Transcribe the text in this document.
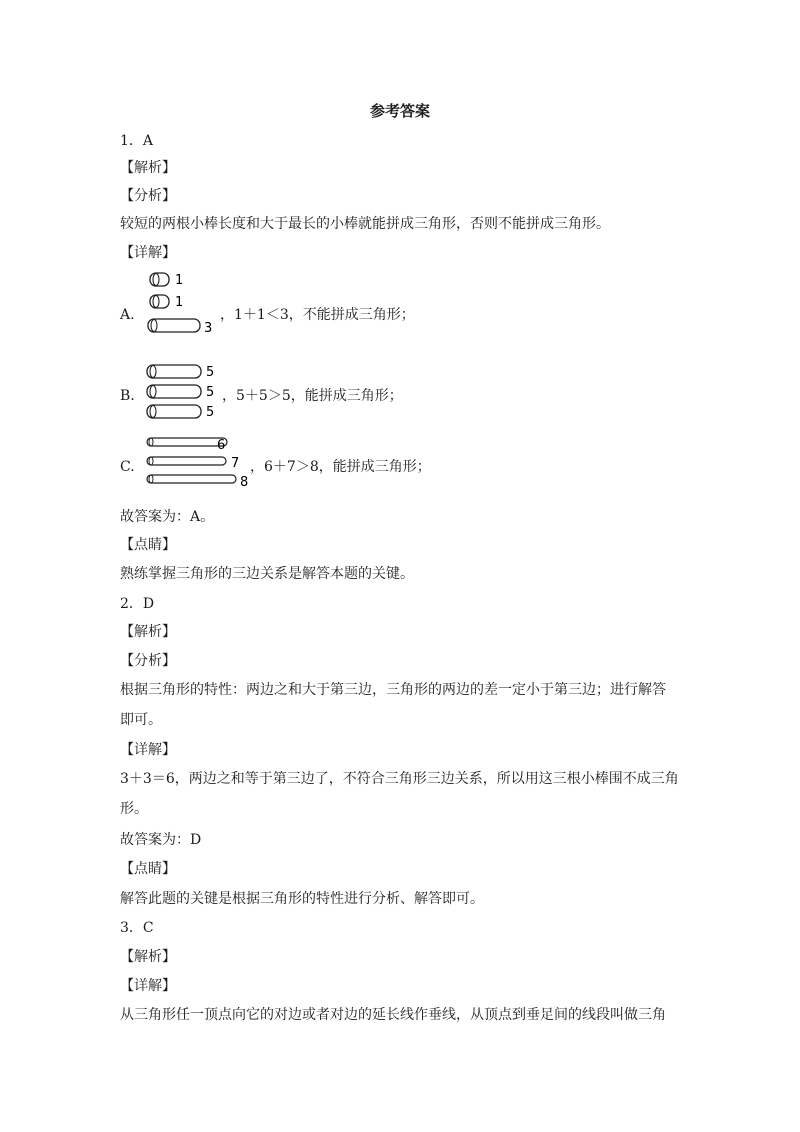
参考答案
1．A
【解析】
【分析】
较短的两根小棒长度和大于最长的小棒就能拼成三角形，否则不能拼成三角形。
【详解】
A.
1
1
3
，1＋1＜3，不能拼成三角形；
B.
5
5
5
，5＋5＞5，能拼成三角形；
C.
6
7
8
，6＋7＞8，能拼成三角形；
故答案为：A。
【点睛】
熟练掌握三角形的三边关系是解答本题的关键。
2．D
【解析】
【分析】
根据三角形的特性：两边之和大于第三边，三角形的两边的差一定小于第三边；进行解答
即可。
【详解】
3＋3＝6，两边之和等于第三边了，不符合三角形三边关系，所以用这三根小棒围不成三角
形。
故答案为：D
【点睛】
解答此题的关键是根据三角形的特性进行分析、解答即可。
3．C
【解析】
【详解】
从三角形任一顶点向它的对边或者对边的延长线作垂线，从顶点到垂足间的线段叫做三角
